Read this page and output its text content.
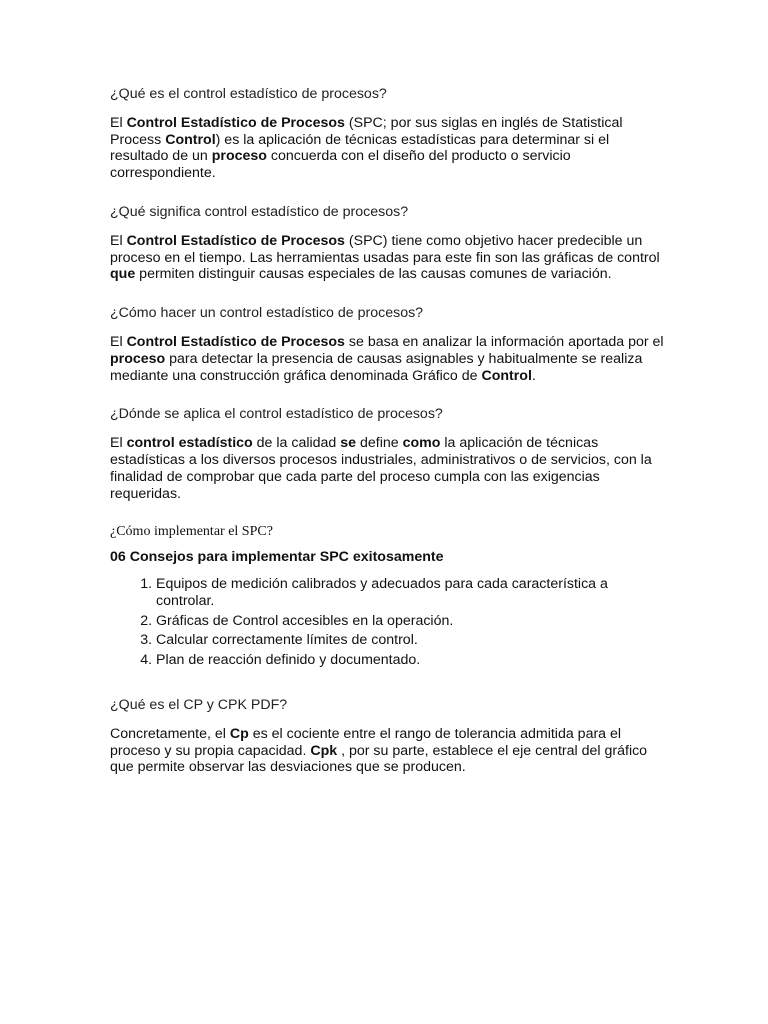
¿Qué es el control estadístico de procesos?

El Control Estadístico de Procesos (SPC; por sus siglas en inglés de Statistical Process Control) es la aplicación de técnicas estadísticas para determinar si el resultado de un proceso concuerda con el diseño del producto o servicio correspondiente.

¿Qué significa control estadístico de procesos?

El Control Estadístico de Procesos (SPC) tiene como objetivo hacer predecible un proceso en el tiempo. Las herramientas usadas para este fin son las gráficas de control que permiten distinguir causas especiales de las causas comunes de variación.

¿Cómo hacer un control estadístico de procesos?

El Control Estadístico de Procesos se basa en analizar la información aportada por el proceso para detectar la presencia de causas asignables y habitualmente se realiza mediante una construcción gráfica denominada Gráfico de Control.

¿Dónde se aplica el control estadístico de procesos?

El control estadístico de la calidad se define como la aplicación de técnicas estadísticas a los diversos procesos industriales, administrativos o de servicios, con la finalidad de comprobar que cada parte del proceso cumpla con las exigencias requeridas.

¿Cómo implementar el SPC?

06 Consejos para implementar SPC exitosamente

1. Equipos de medición calibrados y adecuados para cada característica a controlar.
2. Gráficas de Control accesibles en la operación.
3. Calcular correctamente límites de control.
4. Plan de reacción definido y documentado.

¿Qué es el CP y CPK PDF?

Concretamente, el Cp es el cociente entre el rango de tolerancia admitida para el proceso y su propia capacidad. Cpk , por su parte, establece el eje central del gráfico que permite observar las desviaciones que se producen.
